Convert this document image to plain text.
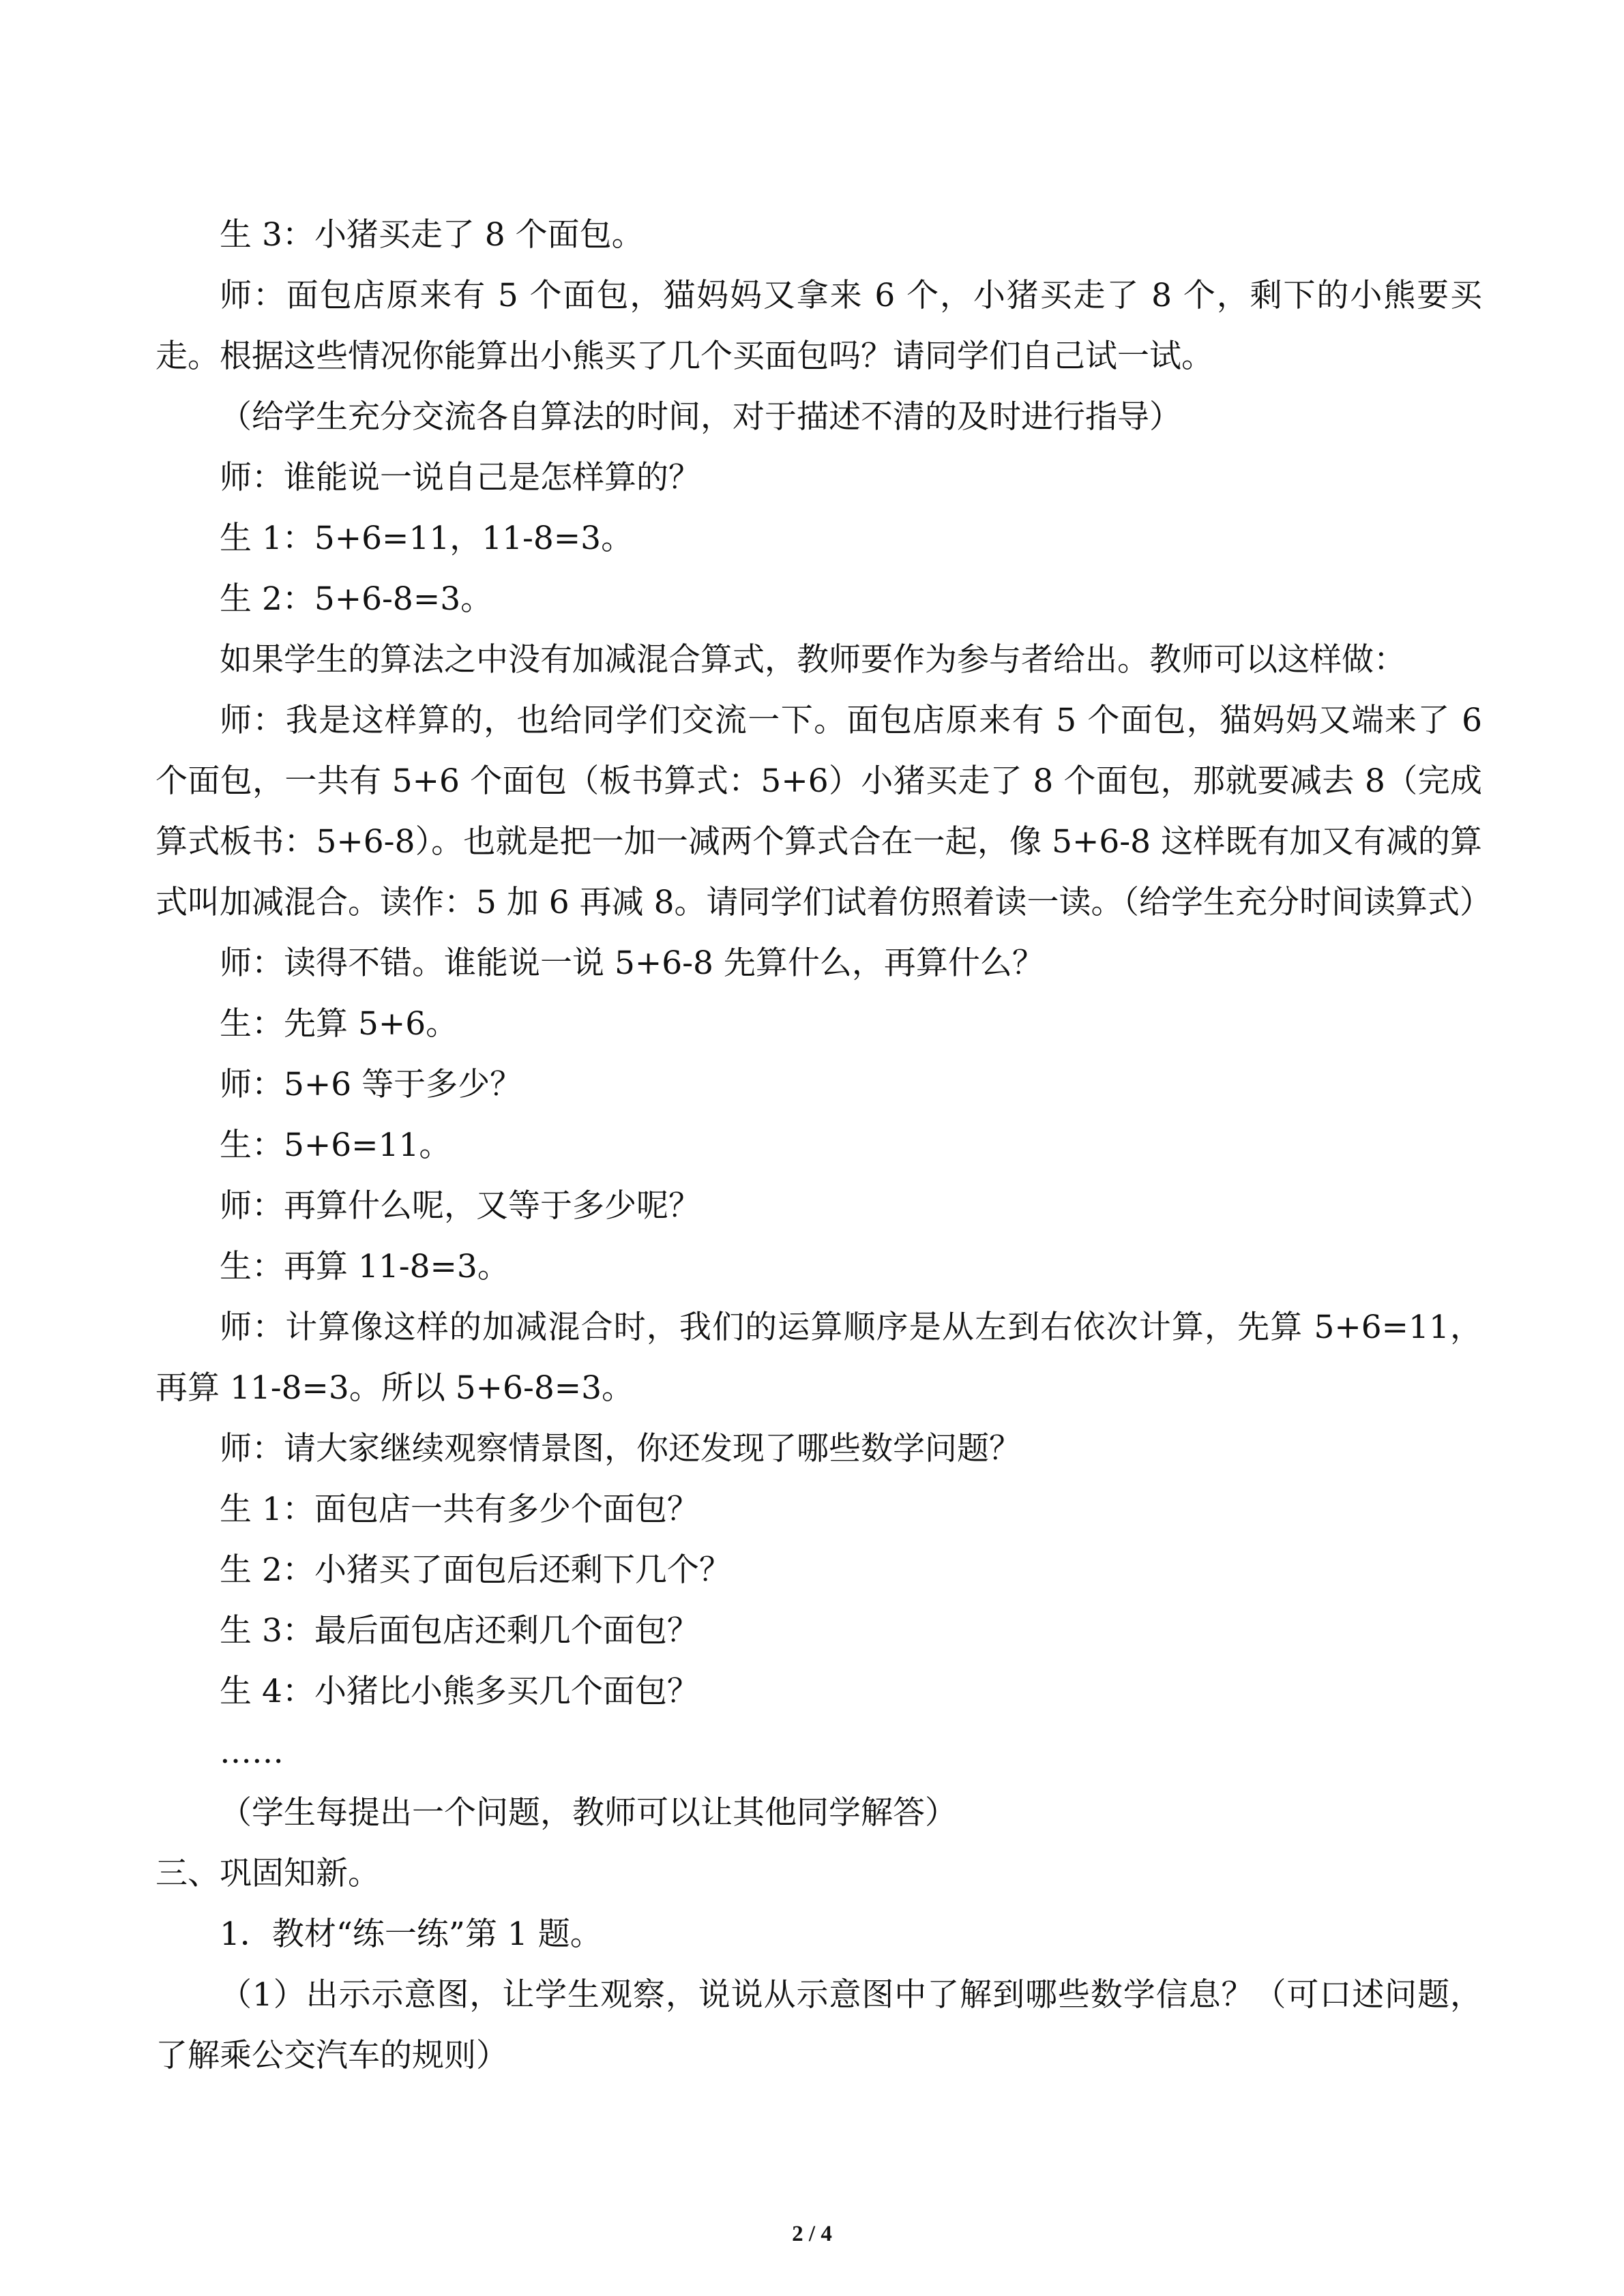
生 3：小猪买走了 8 个面包。

师：面包店原来有 5 个面包，猫妈妈又拿来 6 个，小猪买走了 8 个，剩下的小熊要买走。根据这些情况你能算出小熊买了几个买面包吗？请同学们自己试一试。

（给学生充分交流各自算法的时间，对于描述不清的及时进行指导）

师：谁能说一说自己是怎样算的？

生 1：5+6=11，11-8=3。

生 2：5+6-8=3。

如果学生的算法之中没有加减混合算式，教师要作为参与者给出。教师可以这样做：

师：我是这样算的，也给同学们交流一下。面包店原来有 5 个面包，猫妈妈又端来了 6 个面包，一共有 5+6 个面包（板书算式：5+6）小猪买走了 8 个面包，那就要减去 8（完成算式板书：5+6-8）。也就是把一加一减两个算式合在一起，像 5+6-8 这样既有加又有减的算式叫加减混合。读作：5 加 6 再减 8。请同学们试着仿照着读一读。（给学生充分时间读算式）

师：读得不错。谁能说一说 5+6-8 先算什么，再算什么？

生：先算 5+6。

师：5+6 等于多少？

生：5+6=11。

师：再算什么呢，又等于多少呢？

生：再算 11-8=3。

师：计算像这样的加减混合时，我们的运算顺序是从左到右依次计算，先算 5+6=11，再算 11-8=3。所以 5+6-8=3。

师：请大家继续观察情景图，你还发现了哪些数学问题？

生 1：面包店一共有多少个面包？

生 2：小猪买了面包后还剩下几个？

生 3：最后面包店还剩几个面包？

生 4：小猪比小熊多买几个面包？

……

（学生每提出一个问题，教师可以让其他同学解答）

三、巩固知新。

1．教材“练一练”第 1 题。

（1）出示示意图，让学生观察，说说从示意图中了解到哪些数学信息？（可口述问题，了解乘公交汽车的规则）

2 / 4
